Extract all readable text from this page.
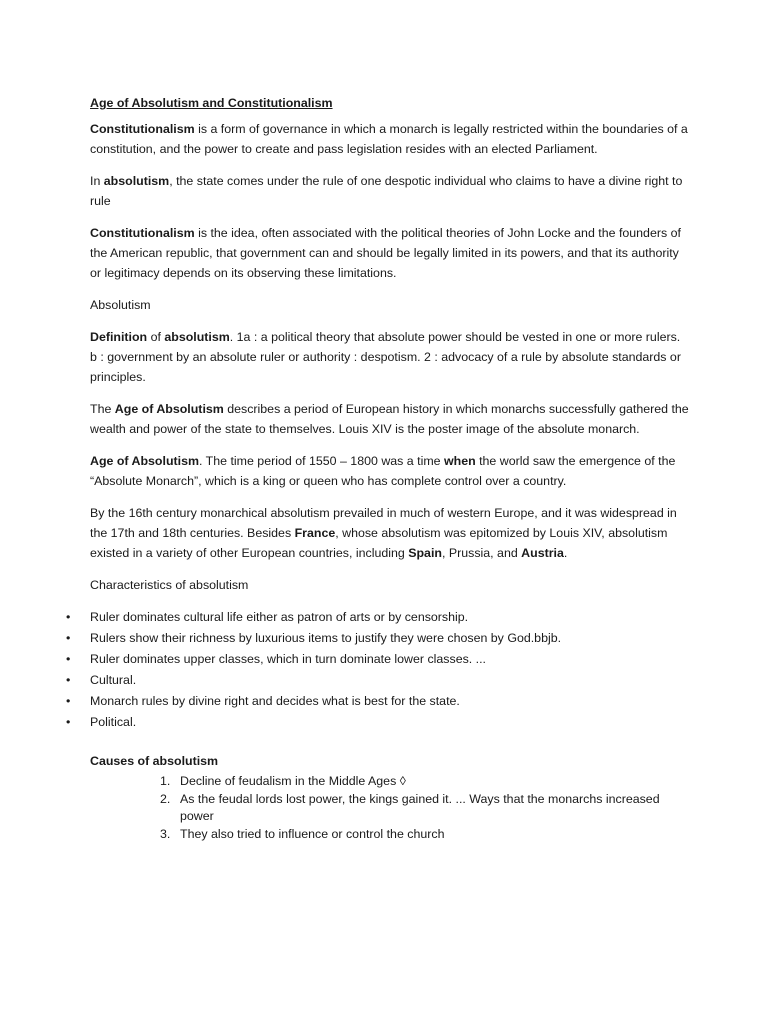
Age of Absolutism and Constitutionalism

Constitutionalism is a form of governance in which a monarch is legally restricted within the boundaries of a constitution, and the power to create and pass legislation resides with an elected Parliament.

In absolutism, the state comes under the rule of one despotic individual who claims to have a divine right to rule

Constitutionalism is the idea, often associated with the political theories of John Locke and the founders of the American republic, that government can and should be legally limited in its powers, and that its authority or legitimacy depends on its observing these limitations.

Absolutism

Definition of absolutism. 1a : a political theory that absolute power should be vested in one or more rulers. b : government by an absolute ruler or authority : despotism. 2 : advocacy of a rule by absolute standards or principles.

The Age of Absolutism describes a period of European history in which monarchs successfully gathered the wealth and power of the state to themselves. Louis XIV is the poster image of the absolute monarch.

Age of Absolutism. The time period of 1550 – 1800 was a time when the world saw the emergence of the “Absolute Monarch”, which is a king or queen who has complete control over a country.

By the 16th century monarchical absolutism prevailed in much of western Europe, and it was widespread in the 17th and 18th centuries. Besides France, whose absolutism was epitomized by Louis XIV, absolutism existed in a variety of other European countries, including Spain, Prussia, and Austria.

Characteristics of absolutism
• Ruler dominates cultural life either as patron of arts or by censorship.
• Rulers show their richness by luxurious items to justify they were chosen by God.bbjb.
• Ruler dominates upper classes, which in turn dominate lower classes. ...
• Cultural.
• Monarch rules by divine right and decides what is best for the state.
• Political.
Causes of absolutism
1. Decline of feudalism in the Middle Ages ◊
2. As the feudal lords lost power, the kings gained it. ... Ways that the monarchs increased power
3. They also tried to influence or control the church
